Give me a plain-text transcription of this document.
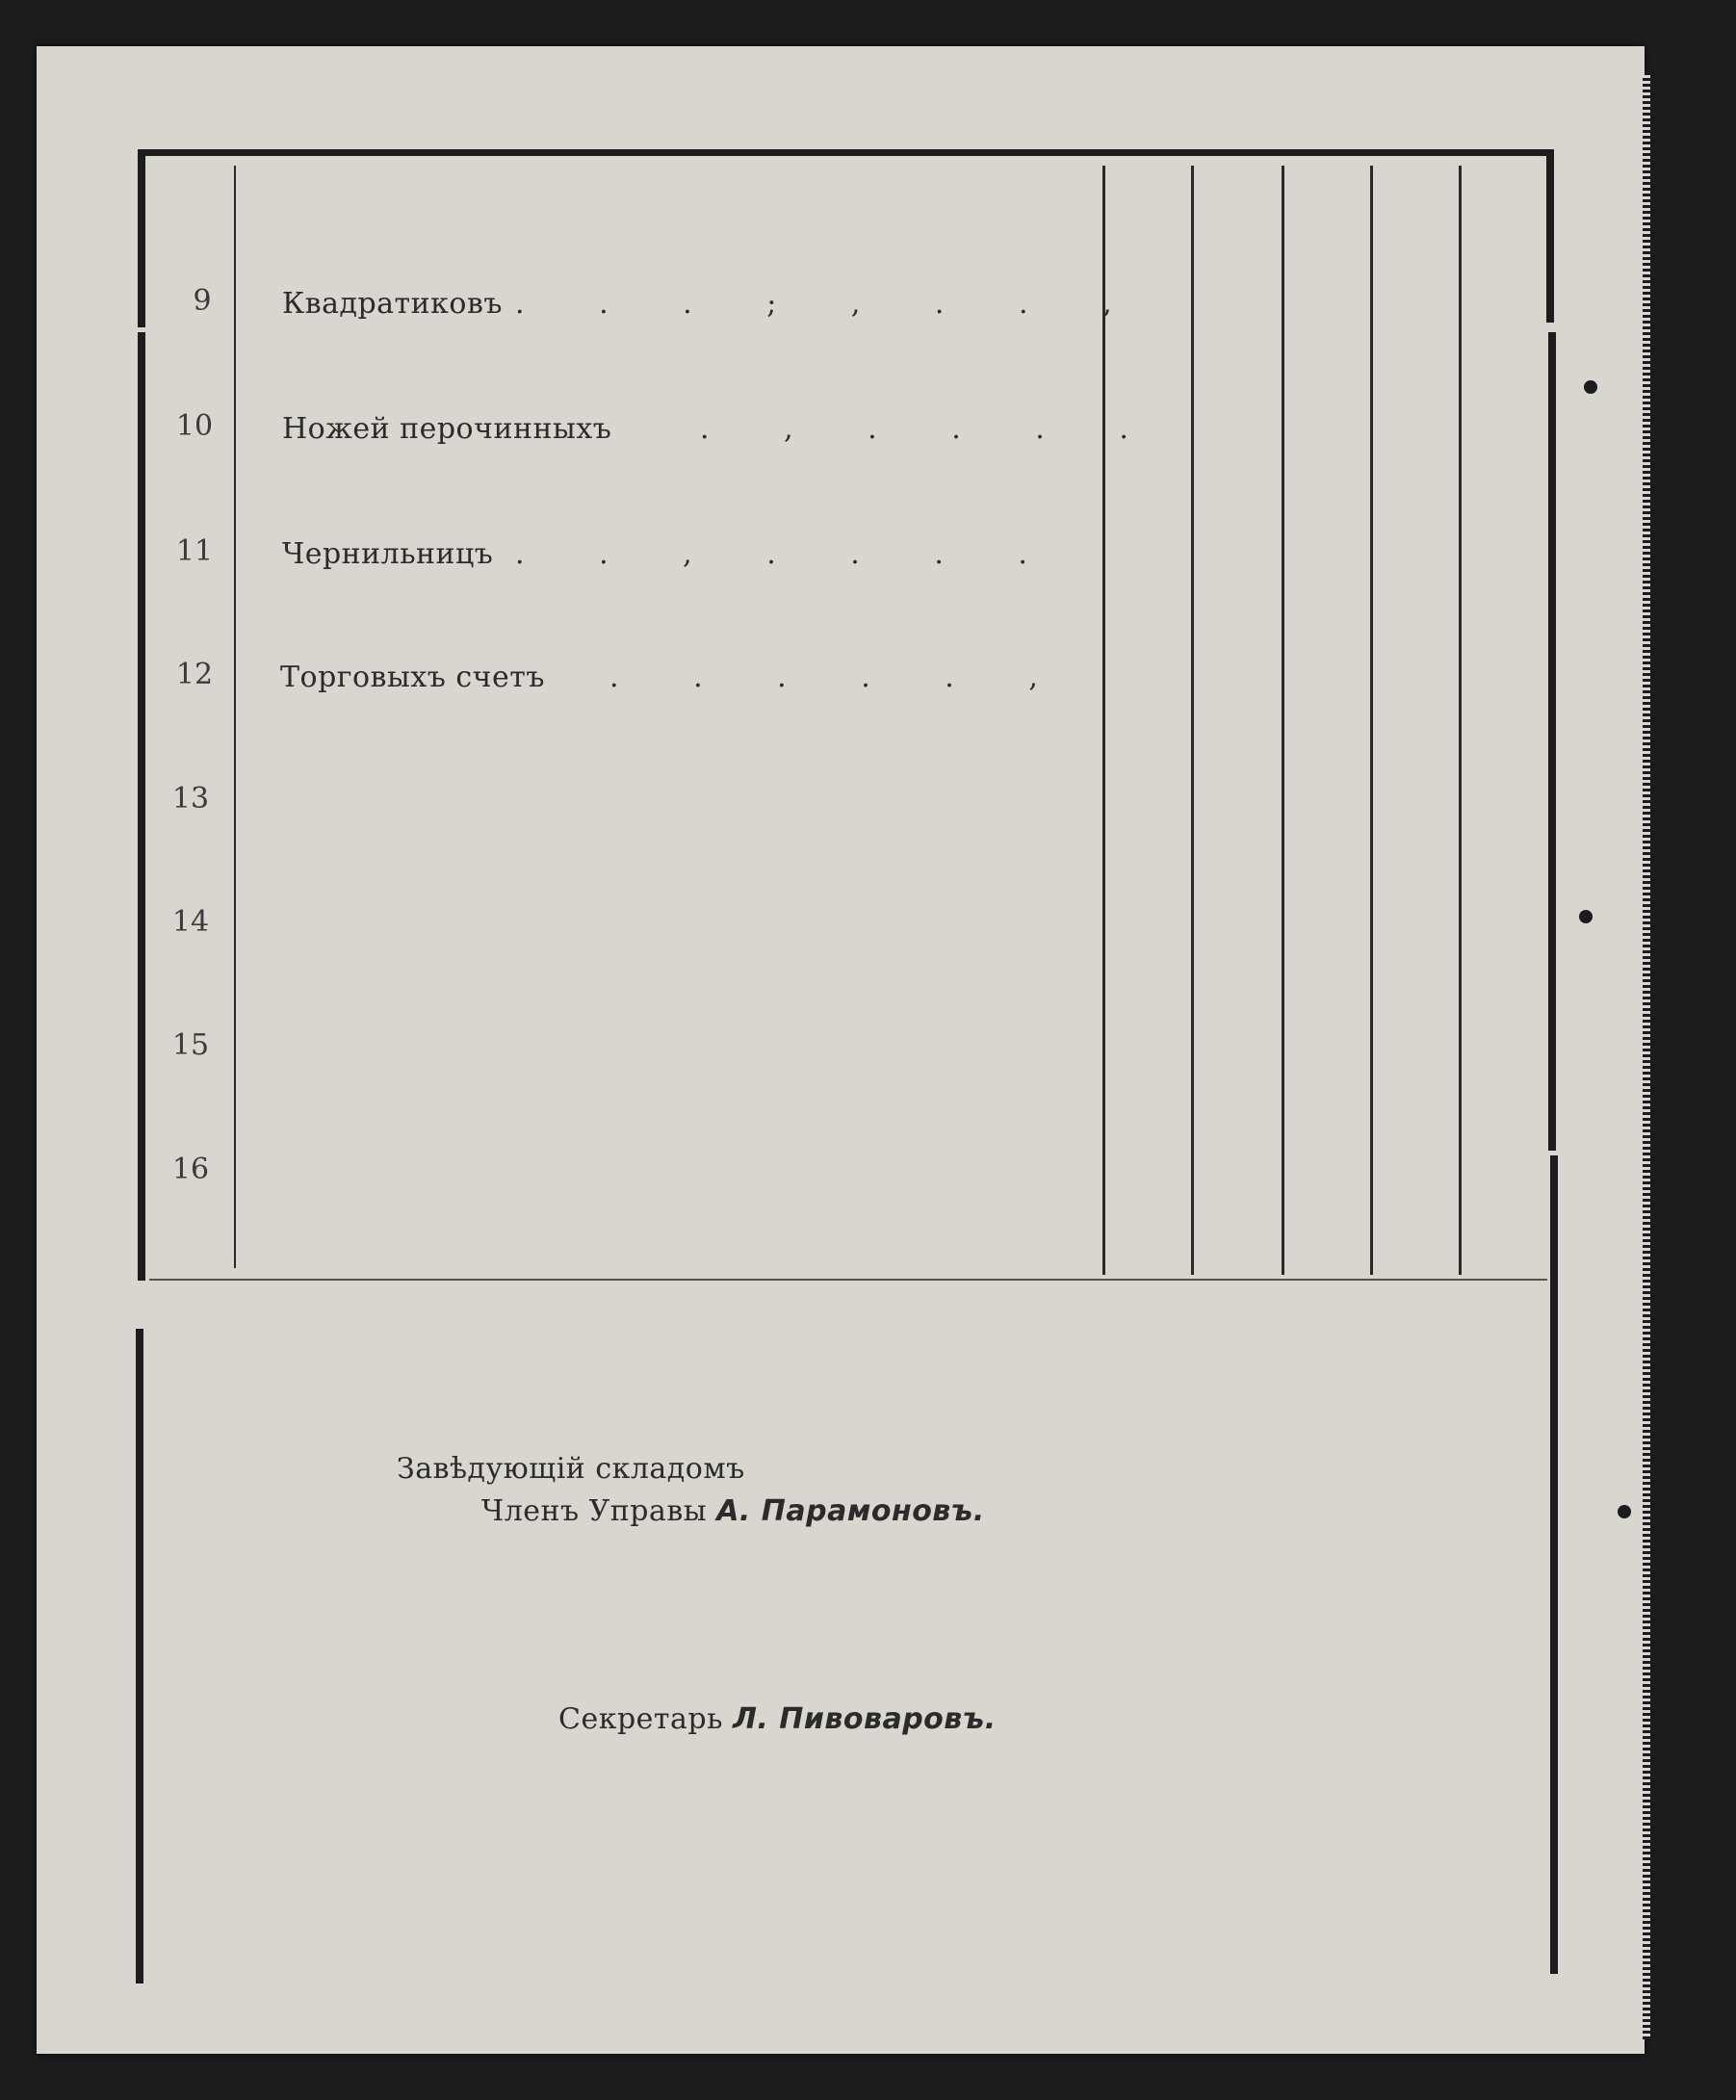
9	Квадратиковъ . . . ; , . . ,
10	Ножей перочинныхъ	. , . . . .
11	Чернильницъ . . , . . . .
12	Торговыхъ счетъ . . . . . ,
13
14
15
16
Завѣдующій складомъ
Членъ Управы А. Парамоновъ.
Секретарь Л. Пивоваровъ.
